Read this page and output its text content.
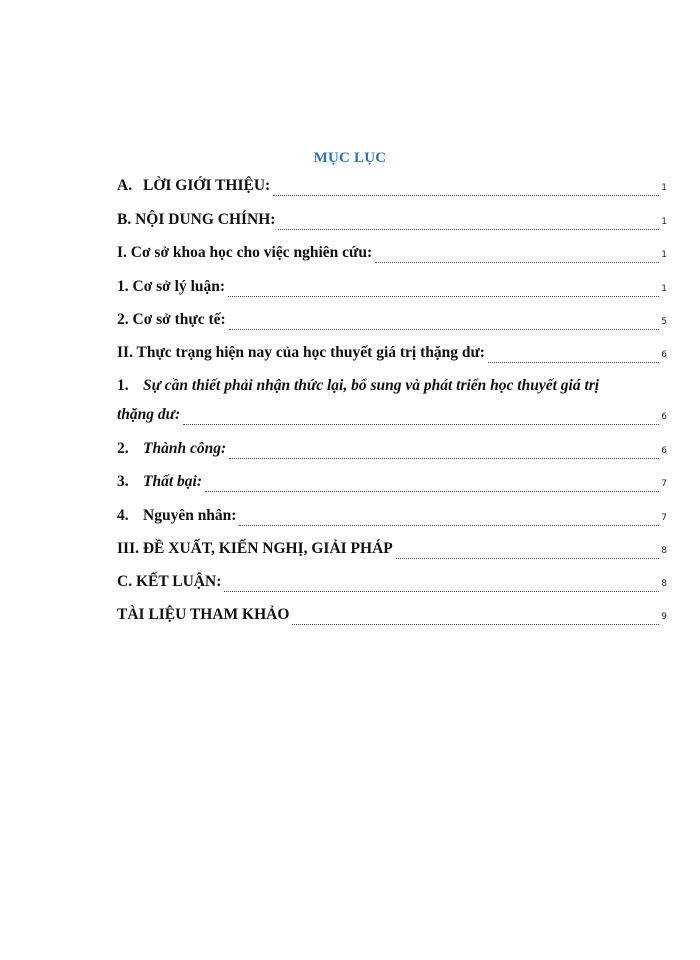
MỤC LỤC
A. LỜI GIỚI THIỆU:	1
B. NỘI DUNG CHÍNH:	1
I. Cơ sở khoa học cho việc nghiên cứu:	1
1. Cơ sở lý luận:	1
2. Cơ sở thực tế:	5
II. Thực trạng hiện nay của học thuyết giá trị thặng dư:	6
1. Sự cần thiết phải nhận thức lại, bổ sung và phát triển học thuyết giá trị
thặng dư:	6
2. Thành công:	6
3. Thất bại:	7
4. Nguyên nhân:	7
III. ĐỀ XUẤT, KIẾN NGHỊ, GIẢI PHÁP	8
C. KẾT LUẬN:	8
TÀI LIỆU THAM KHẢO	9
